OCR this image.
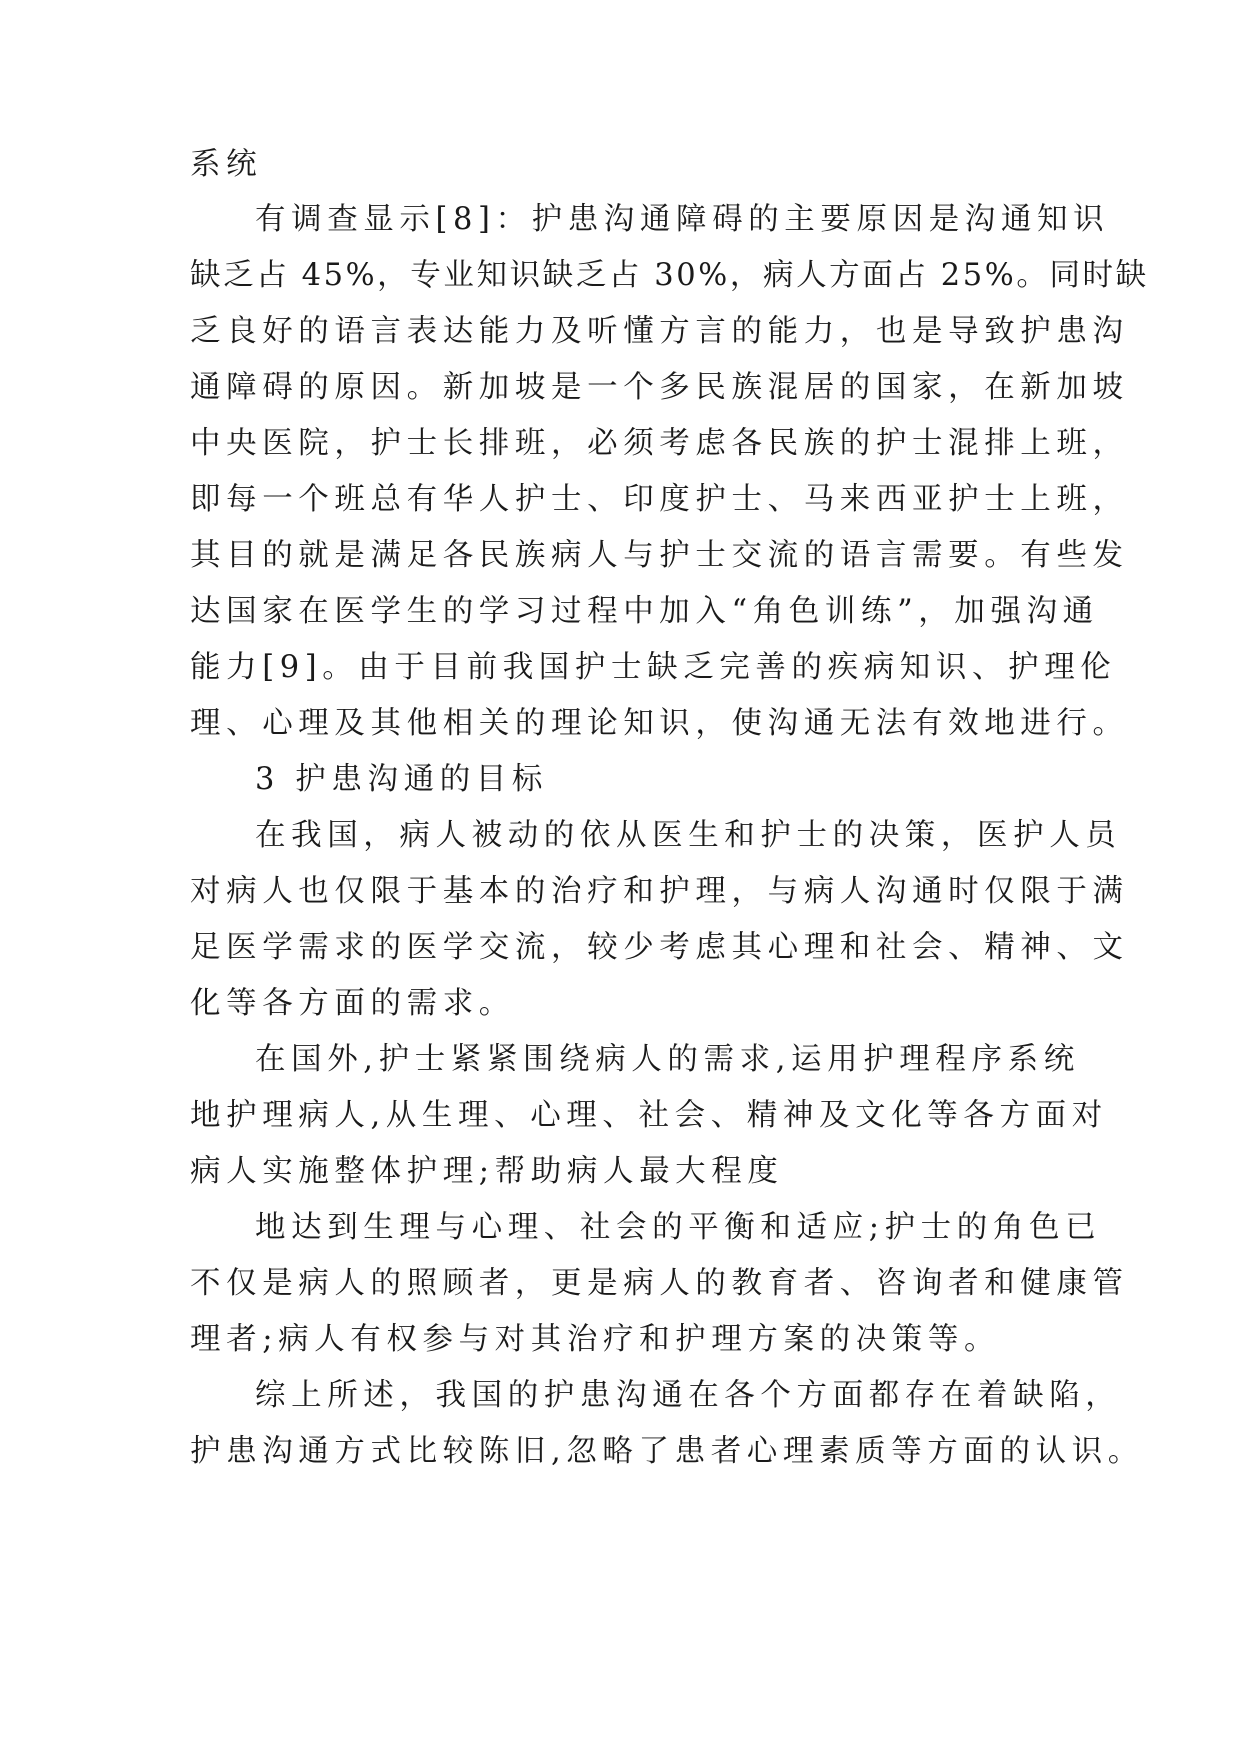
系统

有调查显示[8]：护患沟通障碍的主要原因是沟通知识

缺乏占 45%，专业知识缺乏占 30%，病人方面占 25%。同时缺

乏良好的语言表达能力及听懂方言的能力，也是导致护患沟

通障碍的原因。新加坡是一个多民族混居的国家，在新加坡

中央医院，护士长排班，必须考虑各民族的护士混排上班，

即每一个班总有华人护士、印度护士、马来西亚护士上班，

其目的就是满足各民族病人与护士交流的语言需要。有些发

达国家在医学生的学习过程中加入“角色训练”，加强沟通

能力[9]。由于目前我国护士缺乏完善的疾病知识、护理伦

理、心理及其他相关的理论知识，使沟通无法有效地进行。

3 护患沟通的目标

在我国，病人被动的依从医生和护士的决策，医护人员

对病人也仅限于基本的治疗和护理，与病人沟通时仅限于满

足医学需求的医学交流，较少考虑其心理和社会、精神、文

化等各方面的需求。

在国外,护士紧紧围绕病人的需求,运用护理程序系统

地护理病人,从生理、心理、社会、精神及文化等各方面对

病人实施整体护理;帮助病人最大程度

地达到生理与心理、社会的平衡和适应;护士的角色已

不仅是病人的照顾者，更是病人的教育者、咨询者和健康管

理者;病人有权参与对其治疗和护理方案的决策等。

综上所述，我国的护患沟通在各个方面都存在着缺陷，

护患沟通方式比较陈旧,忽略了患者心理素质等方面的认识。
